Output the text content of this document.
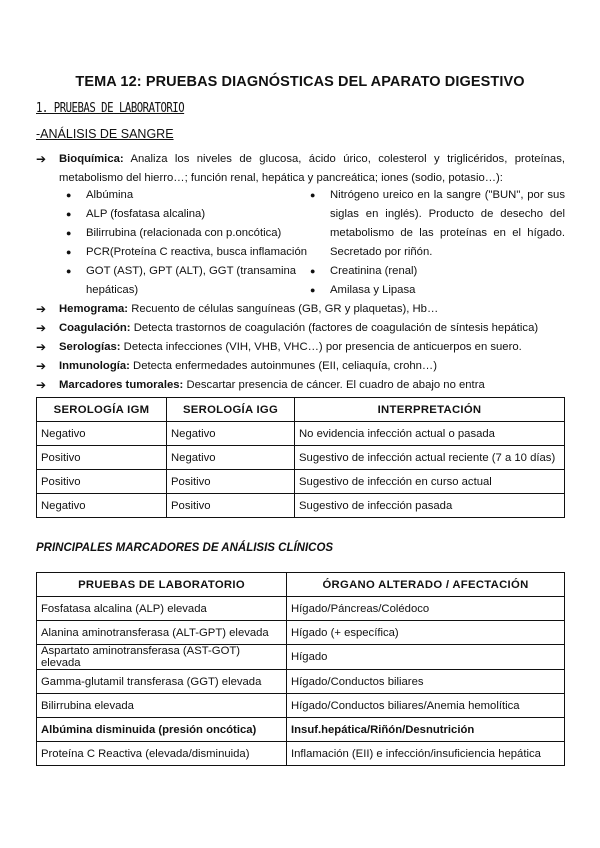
TEMA 12: PRUEBAS DIAGNÓSTICAS DEL APARATO DIGESTIVO
1. PRUEBAS DE LABORATORIO
-ANÁLISIS DE SANGRE
➔ Bioquímica: Analiza los niveles de glucosa, ácido úrico, colesterol y triglicéridos, proteínas, metabolismo del hierro…; función renal, hepática y pancreática; iones (sodio, potasio…):
● Albúmina
● ALP (fosfatasa alcalina)
● Bilirrubina (relacionada con p.oncótica)
● PCR(Proteína C reactiva, busca inflamación
● GOT (AST), GPT (ALT), GGT (transamina hepáticas)
● Nitrógeno ureico en la sangre ("BUN", por sus siglas en inglés). Producto de desecho del metabolismo de las proteínas en el hígado. Secretado por riñón.
● Creatinina (renal)
● Amilasa y Lipasa
➔ Hemograma: Recuento de células sanguíneas (GB, GR y plaquetas), Hb…
➔ Coagulación: Detecta trastornos de coagulación (factores de coagulación de síntesis hepática)
➔ Serologías: Detecta infecciones (VIH, VHB, VHC…) por presencia de anticuerpos en suero.
➔ Inmunología: Detecta enfermedades autoinmunes (EII, celiaquía, crohn…)
➔ Marcadores tumorales: Descartar presencia de cáncer. El cuadro de abajo no entra
SEROLOGÍA IGM	SEROLOGÍA IGG	INTERPRETACIÓN
Negativo	Negativo	No evidencia infección actual o pasada
Positivo	Negativo	Sugestivo de infección actual reciente (7 a 10 días)
Positivo	Positivo	Sugestivo de infección en curso actual
Negativo	Positivo	Sugestivo de infección pasada
PRINCIPALES MARCADORES DE ANÁLISIS CLÍNICOS
PRUEBAS DE LABORATORIO	ÓRGANO ALTERADO / AFECTACIÓN
Fosfatasa alcalina (ALP) elevada	Hígado/Páncreas/Colédoco
Alanina aminotransferasa (ALT-GPT) elevada	Hígado (+ específica)
Aspartato aminotransferasa (AST-GOT) elevada	Hígado
Gamma-glutamil transferasa (GGT) elevada	Hígado/Conductos biliares
Bilirrubina elevada	Hígado/Conductos biliares/Anemia hemolítica
Albúmina disminuida (presión oncótica)	Insuf.hepática/Riñón/Desnutrición
Proteína C Reactiva (elevada/disminuida)	Inflamación (EII) e infección/insuficiencia hepática
